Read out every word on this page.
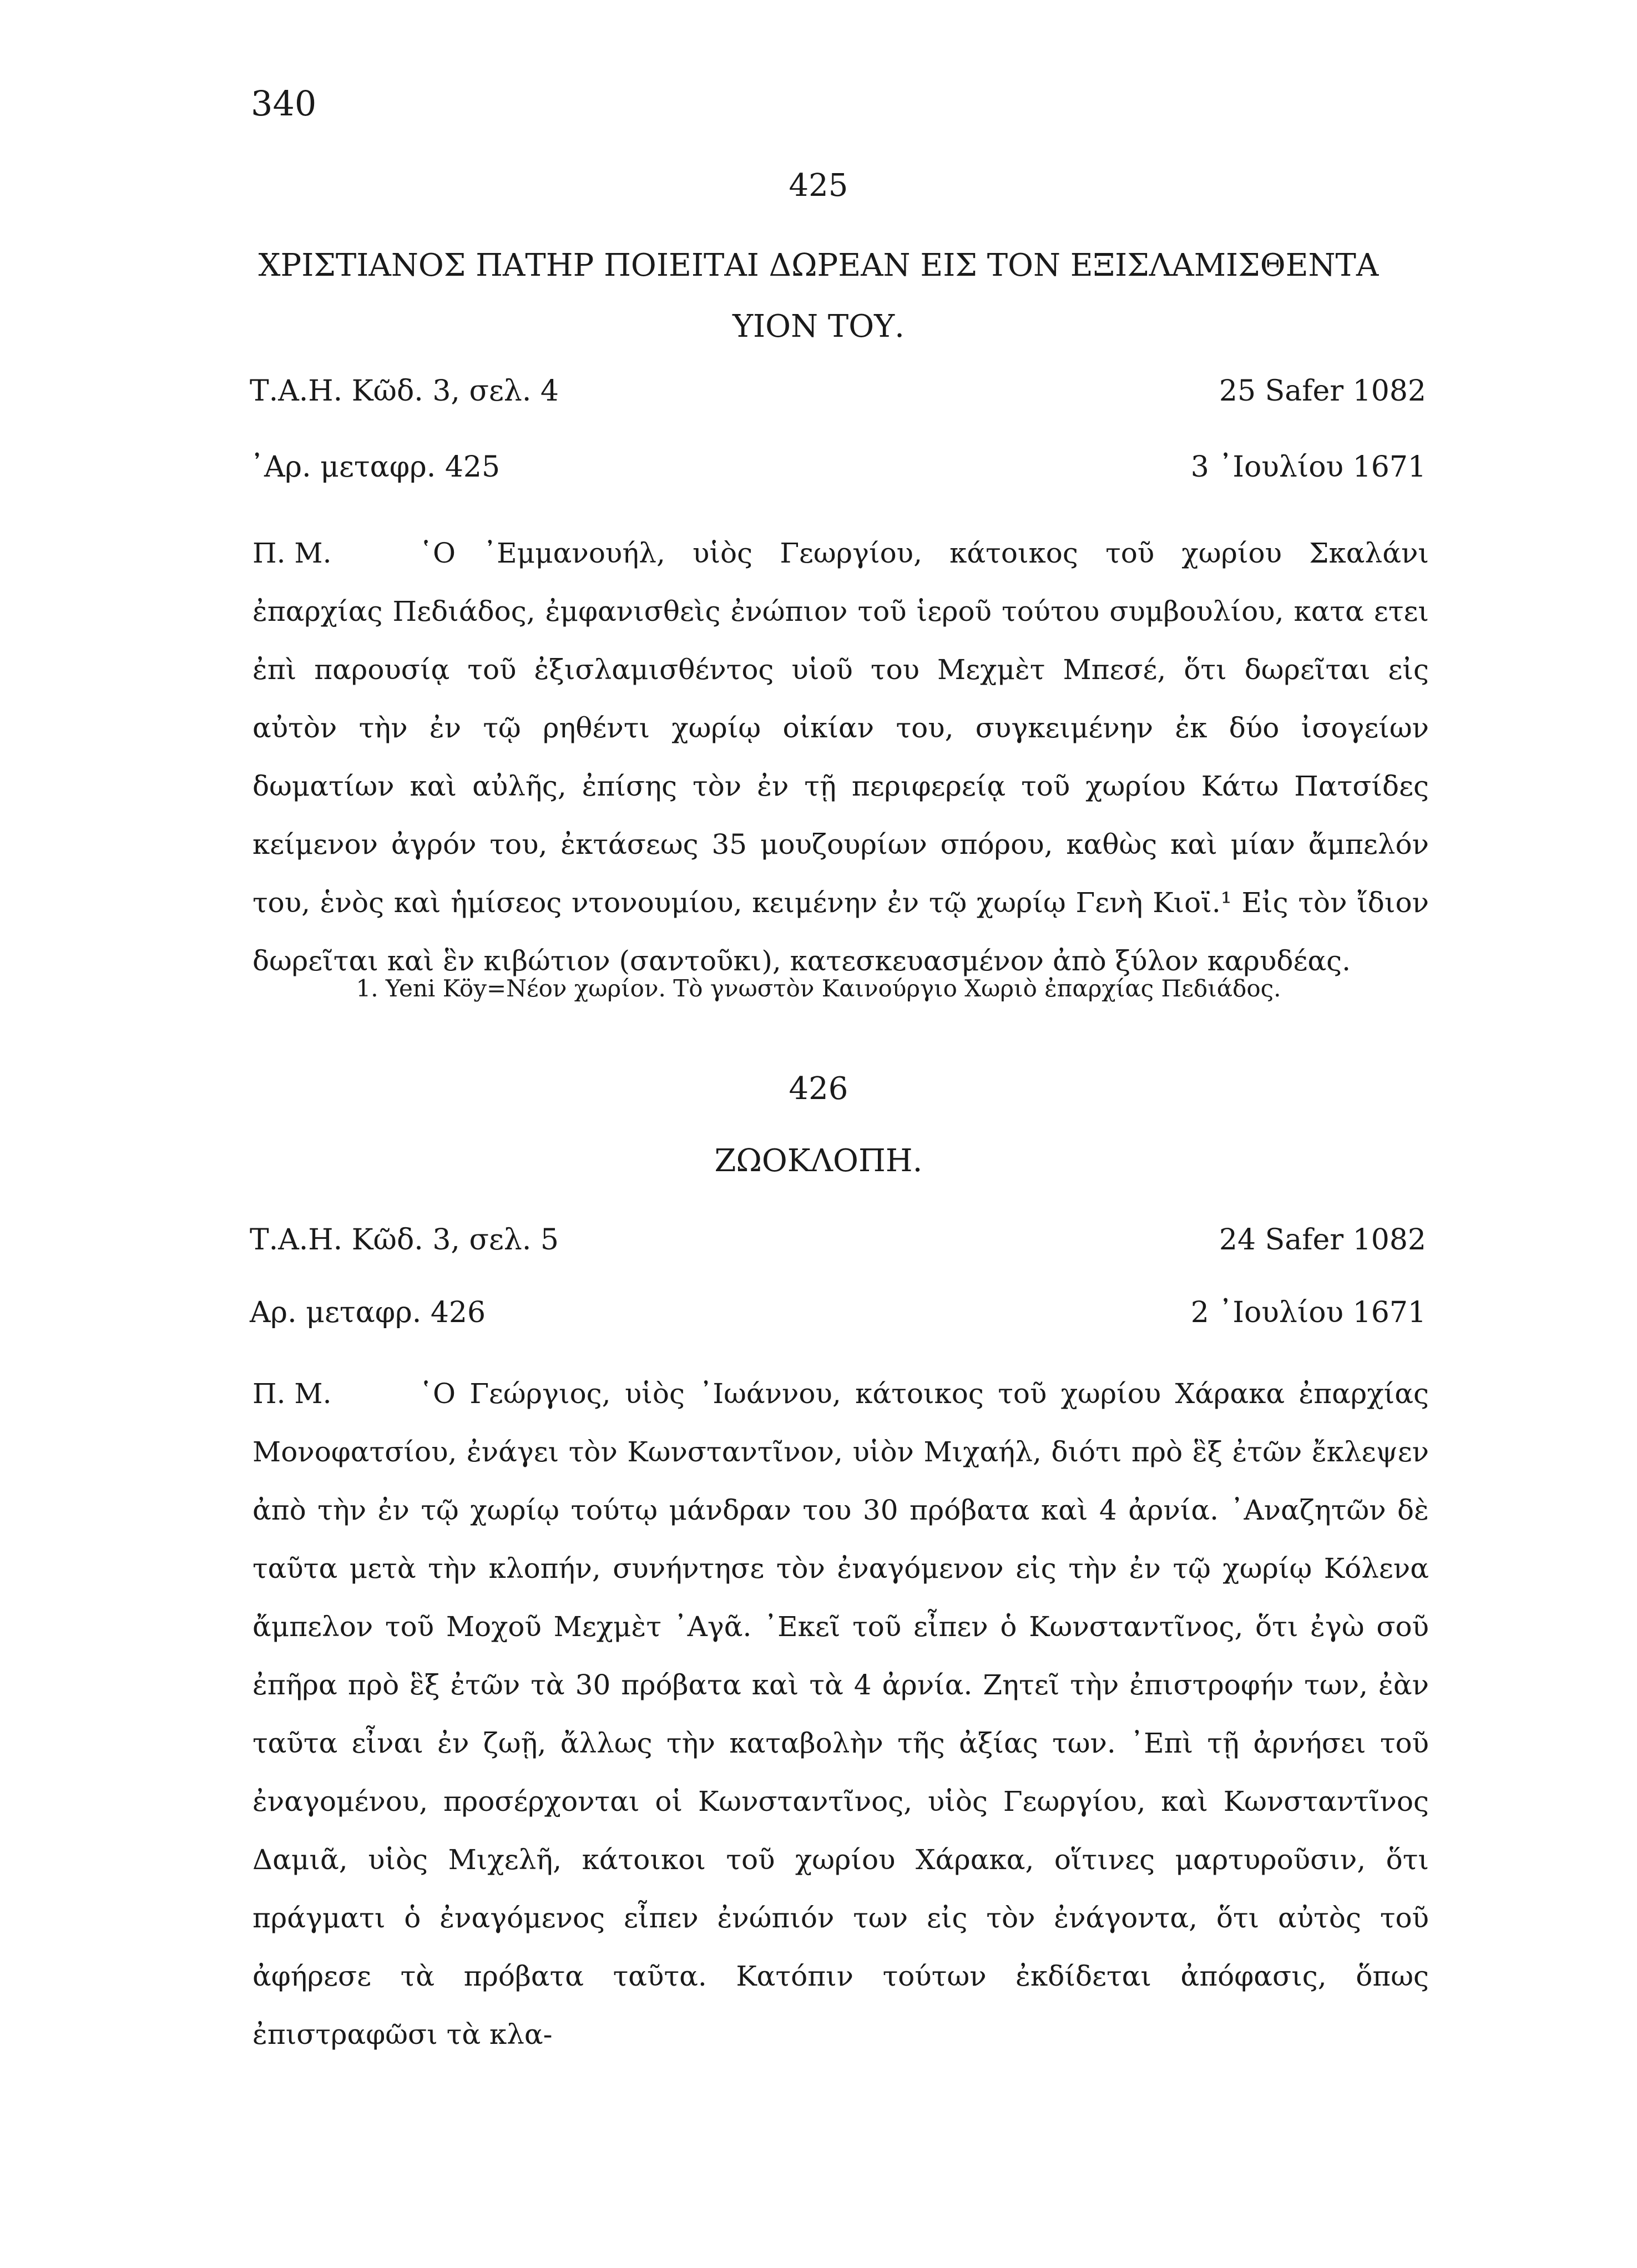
340
425
ΧΡΙΣΤΙΑΝΟΣ ΠΑΤΗΡ ΠΟΙΕΙΤΑΙ ΔΩΡΕΑΝ ΕΙΣ ΤΟΝ ΕΞΙΣΛΑΜΙΣΘΕΝΤΑ
ΥΙΟΝ ΤΟΥ.
Τ.Α.Η. Κῶδ. 3, σελ. 4	25 Safer 1082
᾿Αρ. μεταφρ. 425	3 ᾿Ιουλίου 1671

Π. Μ.	῾Ο ᾿Εμμανουήλ, υἱὸς Γεωργίου, κάτοικος τοῦ χωρίου Σκαλάνι ἐπαρχίας Πεδιάδος, ἐμφανισθεὶς ἐνώπιον τοῦ ἱεροῦ τούτου συμβουλίου, κατα ετει ἐπὶ παρουσίᾳ τοῦ ἐξισλαμισθέντος υἱοῦ του Μεχμὲτ Μπεσέ, ὅτι δωρεῖται εἰς αὐτὸν τὴν ἐν τῷ ρηθέντι χωρίῳ οἰκίαν του, συγκειμένην ἐκ δύο ἰσογείων δωματίων καὶ αὐλῆς, ἐπίσης τὸν ἐν τῇ περιφερείᾳ τοῦ χωρίου Κάτω Πατσίδες κείμενον ἀγρόν του, ἐκτάσεως 35 μουζουρίων σπόρου, καθὼς καὶ μίαν ἄμπελόν του, ἑνὸς καὶ ἡμίσεος ντονουμίου, κειμένην ἐν τῷ χωρίῳ Γενὴ Κιοϊ.¹ Εἰς τὸν ἴδιον δωρεῖται καὶ ἓν κιβώτιον (σαντοῦκι), κατεσκευασμένον ἀπὸ ξύλον καρυδέας.

1. Yeni Köy=Νέον χωρίον. Τὸ γνωστὸν Καινούργιο Χωριὸ ἐπαρχίας Πεδιάδος.
426
ΖΩΟΚΛΟΠΗ.
Τ.Α.Η. Κῶδ. 3, σελ. 5	24 Safer 1082
Αρ. μεταφρ. 426	2 ᾿Ιουλίου 1671

Π. Μ.	῾Ο Γεώργιος, υἱὸς ᾿Ιωάννου, κάτοικος τοῦ χωρίου Χάρακα ἐπαρχίας Μονοφατσίου, ἐνάγει τὸν Κωνσταντῖνον, υἱὸν Μιχαήλ, διότι πρὸ ἓξ ἐτῶν ἔκλεψεν ἀπὸ τὴν ἐν τῷ χωρίῳ τούτῳ μάνδραν του 30 πρόβατα καὶ 4 ἀρνία. ᾿Αναζητῶν δὲ ταῦτα μετὰ τὴν κλοπήν, συνήντησε τὸν ἐναγόμενον εἰς τὴν ἐν τῷ χωρίῳ Κόλενα ἄμπελον τοῦ Μοχοῦ Μεχμὲτ ᾿Αγᾶ. ᾿Εκεῖ τοῦ εἶπεν ὁ Κωνσταντῖνος, ὅτι ἐγὼ σοῦ ἐπῆρα πρὸ ἓξ ἐτῶν τὰ 30 πρόβατα καὶ τὰ 4 ἀρνία. Ζητεῖ τὴν ἐπιστροφήν των, ἐὰν ταῦτα εἶναι ἐν ζωῇ, ἄλλως τὴν καταβολὴν τῆς ἀξίας των. ᾿Επὶ τῇ ἀρνήσει τοῦ ἐναγομένου, προσέρχονται οἱ Κωνσταντῖνος, υἱὸς Γεωργίου, καὶ Κωνσταντῖνος Δαμιᾶ, υἱὸς Μιχελῆ, κάτοικοι τοῦ χωρίου Χάρακα, οἵτινες μαρτυροῦσιν, ὅτι πράγματι ὁ ἐναγόμενος εἶπεν ἐνώπιόν των εἰς τὸν ἐνάγοντα, ὅτι αὐτὸς τοῦ ἀφήρεσε τὰ πρόβατα ταῦτα. Κατόπιν τούτων ἐκδίδεται ἀπόφασις, ὅπως ἐπιστραφῶσι τὰ κλα-
